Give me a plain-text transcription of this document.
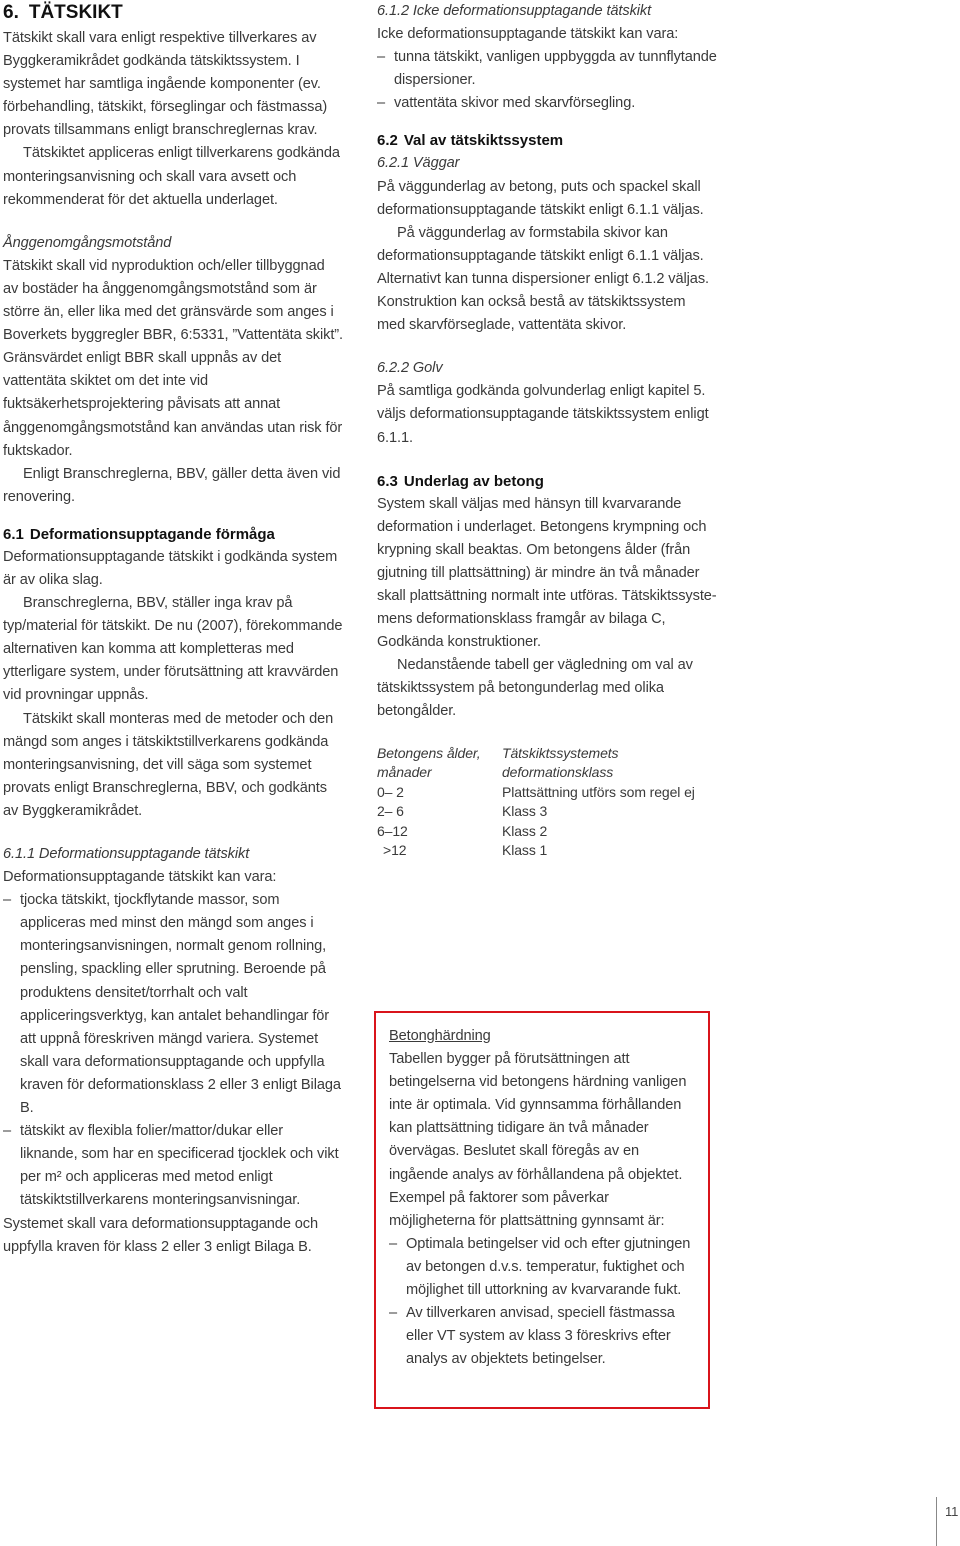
6. TÄTSKIKT

Tätskikt skall vara enligt respektive tillverkares av Byggkeramikrådet godkända tätskiktssystem. I systemet har samtliga ingående komponenter (ev. förbehandling, tätskikt, förseglingar och fästmassa) provats tillsammans enligt branschreglernas krav.

Tätskiktet appliceras enligt tillverkarens godkända monteringsanvisning och skall vara avsett och rekommenderat för det aktuella underlaget.

Ånggenomgångsmotstånd

Tätskikt skall vid nyproduktion och/eller tillbyggnad av bostäder ha ånggenomgångsmotstånd som är större än, eller lika med det gränsvärde som anges i Boverkets byggregler BBR, 6:5331, ”Vattentäta skikt”. Gränsvärdet enligt BBR skall uppnås av det vattentäta skiktet om det inte vid fuktsäkerhetsprojektering påvisats att annat ånggenomgångsmotstånd kan användas utan risk för fuktskador.

Enligt Branschreglerna, BBV, gäller detta även vid renovering.

6.1 Deformationsupptagande förmåga

Deformationsupptagande tätskikt i godkända system är av olika slag.

Branschreglerna, BBV, ställer inga krav på typ/material för tätskikt. De nu (2007), förekommande alternativen kan komma att kompletteras med ytterligare system, under förutsättning att kravvärden vid provningar uppnås.

Tätskikt skall monteras med de metoder och den mängd som anges i tätskiktstillverkarens godkända monteringsanvisning, det vill säga som systemet provats enligt Branschreglerna, BBV, och godkänts av Byggkeramikrådet.

6.1.1 Deformationsupptagande tätskikt

Deformationsupptagande tätskikt kan vara:

– tjocka tätskikt, tjockflytande massor, som appliceras med minst den mängd som anges i monteringsanvisningen, normalt genom rollning, pensling, spackling eller sprutning. Beroende på produktens densitet/torrhalt och valt appliceringsverktyg, kan antalet behandlingar för att uppnå föreskriven mängd variera. Systemet skall vara deformationsupptagande och uppfylla kraven för deformationsklass 2 eller 3 enligt Bilaga B.
– tätskikt av flexibla folier/mattor/dukar eller liknande, som har en specificerad tjocklek och vikt per m² och appliceras med metod enligt tätskiktstillverkarens monteringsanvisningar.

Systemet skall vara deformationsupptagande och uppfylla kraven för klass 2 eller 3 enligt Bilaga B.

6.1.2 Icke deformationsupptagande tätskikt

Icke deformationsupptagande tätskikt kan vara:

– tunna tätskikt, vanligen uppbyggda av tunnflytande dispersioner.
– vattentäta skivor med skarvförsegling.
6.2 Val av tätskiktssystem

6.2.1 Väggar

På väggunderlag av betong, puts och spackel skall deformationsupptagande tätskikt enligt 6.1.1 väljas.

På väggunderlag av formstabila skivor kan deformationsupptagande tätskikt enligt 6.1.1 väljas. Alternativt kan tunna dispersioner enligt 6.1.2 väljas. Konstruktion kan också bestå av tätskiktssystem med skarvförseglade, vattentäta skivor.

6.2.2 Golv

På samtliga godkända golvunderlag enligt kapitel 5. väljs deformationsupptagande tätskiktssystem enligt 6.1.1.

6.3 Underlag av betong

System skall väljas med hänsyn till kvarvarande deformation i underlaget. Betongens krympning och krypning skall beaktas. Om betongens ålder (från gjutning till plattsättning) är mindre än två månader skall plattsättning normalt inte utföras. Tätskiktssystemens deformationsklass framgår av bilaga C, Godkända konstruktioner.

Nedanstående tabell ger vägledning om val av tätskiktssystem på betongunderlag med olika betongålder.

Betongens ålder,
månader	Tätskiktssystemets
deformationsklass
0– 2	Plattsättning utförs som regel ej
2– 6	Klass 3
6–12	Klass 2
>12	Klass 1

Betonghärdning

Tabellen bygger på förutsättningen att betingelserna vid betongens härdning vanligen inte är optimala. Vid gynnsamma förhållanden kan plattsättning tidigare än två månader övervägas. Beslutet skall föregås av en ingående analys av förhållandena på objektet. Exempel på faktorer som påverkar möjligheterna för plattsättning gynnsamt är:

– Optimala betingelser vid och efter gjutningen av betongen d.v.s. temperatur, fuktighet och möjlighet till uttorkning av kvarvarande fukt.
– Av tillverkaren anvisad, speciell fästmassa eller VT system av klass 3 föreskrivs efter analys av objektets betingelser.
11
